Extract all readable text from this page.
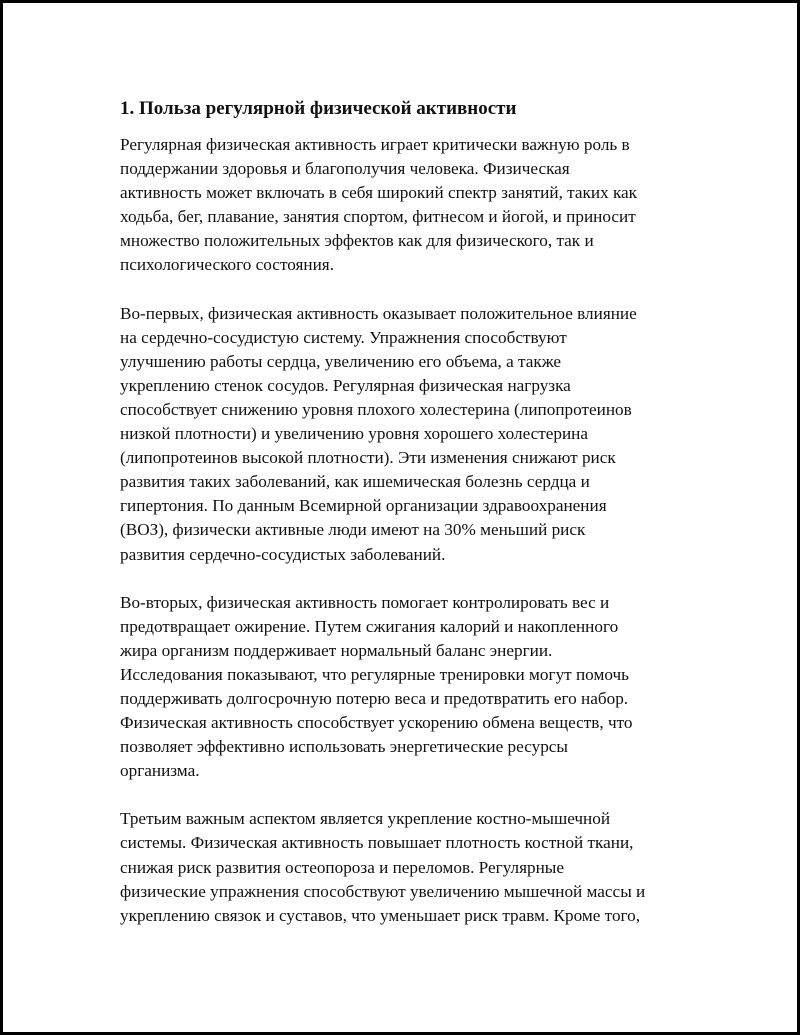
1. Польза регулярной физической активности

Регулярная физическая активность играет критически важную роль в
поддержании здоровья и благополучия человека. Физическая
активность может включать в себя широкий спектр занятий, таких как
ходьба, бег, плавание, занятия спортом, фитнесом и йогой, и приносит
множество положительных эффектов как для физического, так и
психологического состояния.

Во-первых, физическая активность оказывает положительное влияние
на сердечно-сосудистую систему. Упражнения способствуют
улучшению работы сердца, увеличению его объема, а также
укреплению стенок сосудов. Регулярная физическая нагрузка
способствует снижению уровня плохого холестерина (липопротеинов
низкой плотности) и увеличению уровня хорошего холестерина
(липопротеинов высокой плотности). Эти изменения снижают риск
развития таких заболеваний, как ишемическая болезнь сердца и
гипертония. По данным Всемирной организации здравоохранения
(ВОЗ), физически активные люди имеют на 30% меньший риск
развития сердечно-сосудистых заболеваний.

Во-вторых, физическая активность помогает контролировать вес и
предотвращает ожирение. Путем сжигания калорий и накопленного
жира организм поддерживает нормальный баланс энергии.
Исследования показывают, что регулярные тренировки могут помочь
поддерживать долгосрочную потерю веса и предотвратить его набор.
Физическая активность способствует ускорению обмена веществ, что
позволяет эффективно использовать энергетические ресурсы
организма.

Третьим важным аспектом является укрепление костно-мышечной
системы. Физическая активность повышает плотность костной ткани,
снижая риск развития остеопороза и переломов. Регулярные
физические упражнения способствуют увеличению мышечной массы и
укреплению связок и суставов, что уменьшает риск травм. Кроме того,
